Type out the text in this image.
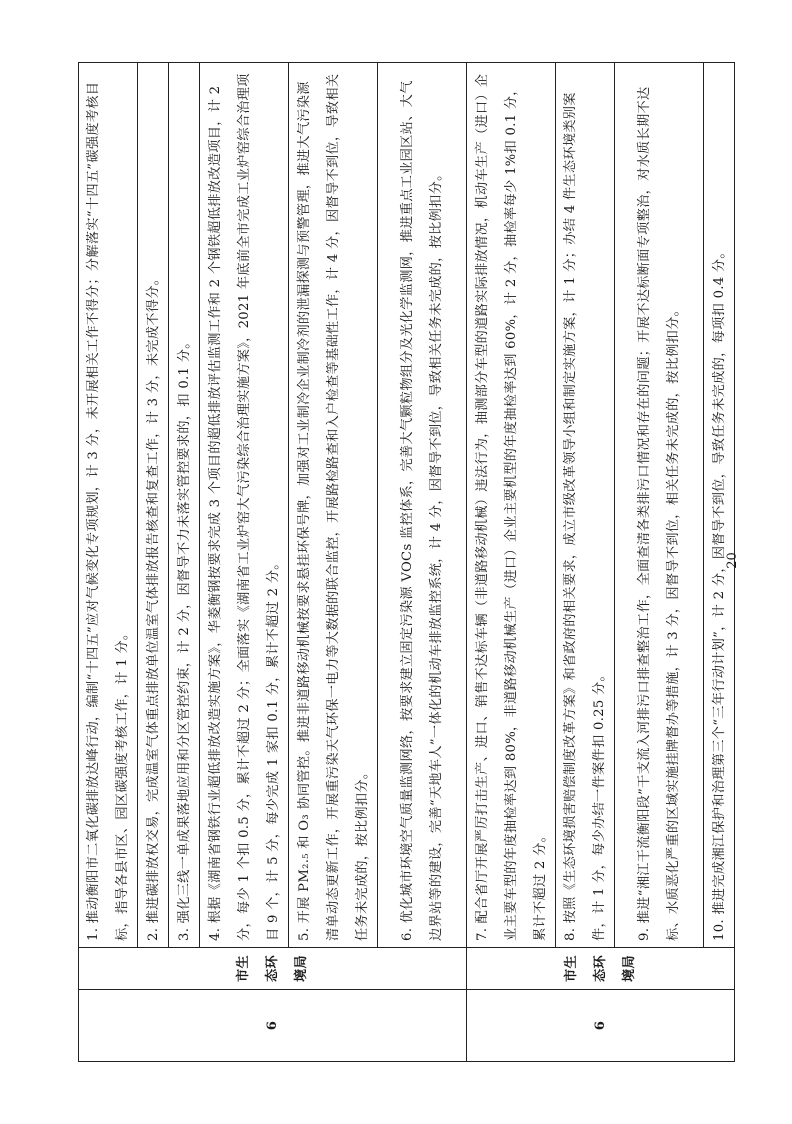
6	市生态环境局	1. 推动衡阳市二氧化碳排放达峰行动，编制“十四五”应对气候变化专项规划，计 3 分，未开展相关工作不得分；分解落实“十四五”碳强度考核目标，指导各县市区、园区碳强度考核工作，计 1 分。
		2. 推进碳排放权交易，完成温室气体重点排放单位温室气体排放报告核查和复查工作，计 3 分，未完成不得分。
		3. 强化三线一单成果落地应用和分区管控约束，计 2 分，因督导不力未落实管控要求的，扣 0.1 分。
		4. 根据《湖南省钢铁行业超低排放改造实施方案》，华菱衡钢按要求完成 3 个项目的超低排放评估监测工作和 2 个钢铁超低排放改造项目，计 2 分，每少 1 个扣 0.5 分，累计不超过 2 分；全面落实《湖南省工业炉窑大气污染综合治理实施方案》，2021 年底前全市完成工业炉窑综合治理项目 9 个，计 5 分，每少完成 1 家扣 0.1 分，累计不超过 2 分。
		5. 开展 PM₂.₅ 和 O₃ 协同管控。推进非道路移动机械按要求悬挂环保号牌，加强对工业制冷企业制冷剂的泄漏探测与预警管理，推进大气污染源清单动态更新工作，开展重污染天气环保一电力等大数据的联合监控，开展路检路查和入户检查等基础性工作，计 4 分，因督导不到位，导致相关任务未完成的，按比例扣分。
		6. 优化城市环境空气质量监测网络，按要求建立固定污染源 VOCs 监控体系，完善大气颗粒物组分及光化学监测网，推进重点工业园区站、大气边界站等的建设，完善“天地车人”一体化的机动车排放监控系统，计 4 分，因督导不到位，导致相关任务未完成的，按比例扣分。
6	市生态环境局	7. 配合省厅开展严厉打击生产、进口、销售不达标车辆（非道路移动机械）违法行为，抽测部分车型的道路实际排放情况，机动车生产（进口）企业主要车型的年度抽检率达到 80%，非道路移动机械生产（进口）企业主要机型的年度抽检率达到 60%，计 2 分，抽检率每少 1%扣 0.1 分，累计不超过 2 分。
		8. 按照《生态环境损害赔偿制度改革方案》和省政府的相关要求，成立市级改革领导小组和制定实施方案，计 1 分；办结 4 件生态环境类别案件，计 1 分，每少办结一件案件扣 0.25 分。
		9. 推进“湘江干流衡阳段”干支流入河排污口排查整治工作，全面查清各类排污口情况和存在的问题；开展不达标断面专项整治，对水质长期不达标、水质恶化严重的区域实施挂牌督办等措施，计 3 分，因督导不到位，相关任务未完成的，按比例扣分。
		10. 推进完成湘江保护和治理第三个“三年行动计划”，计 2 分，因督导不到位，导致任务未完成的，每项扣 0.4 分。
20
